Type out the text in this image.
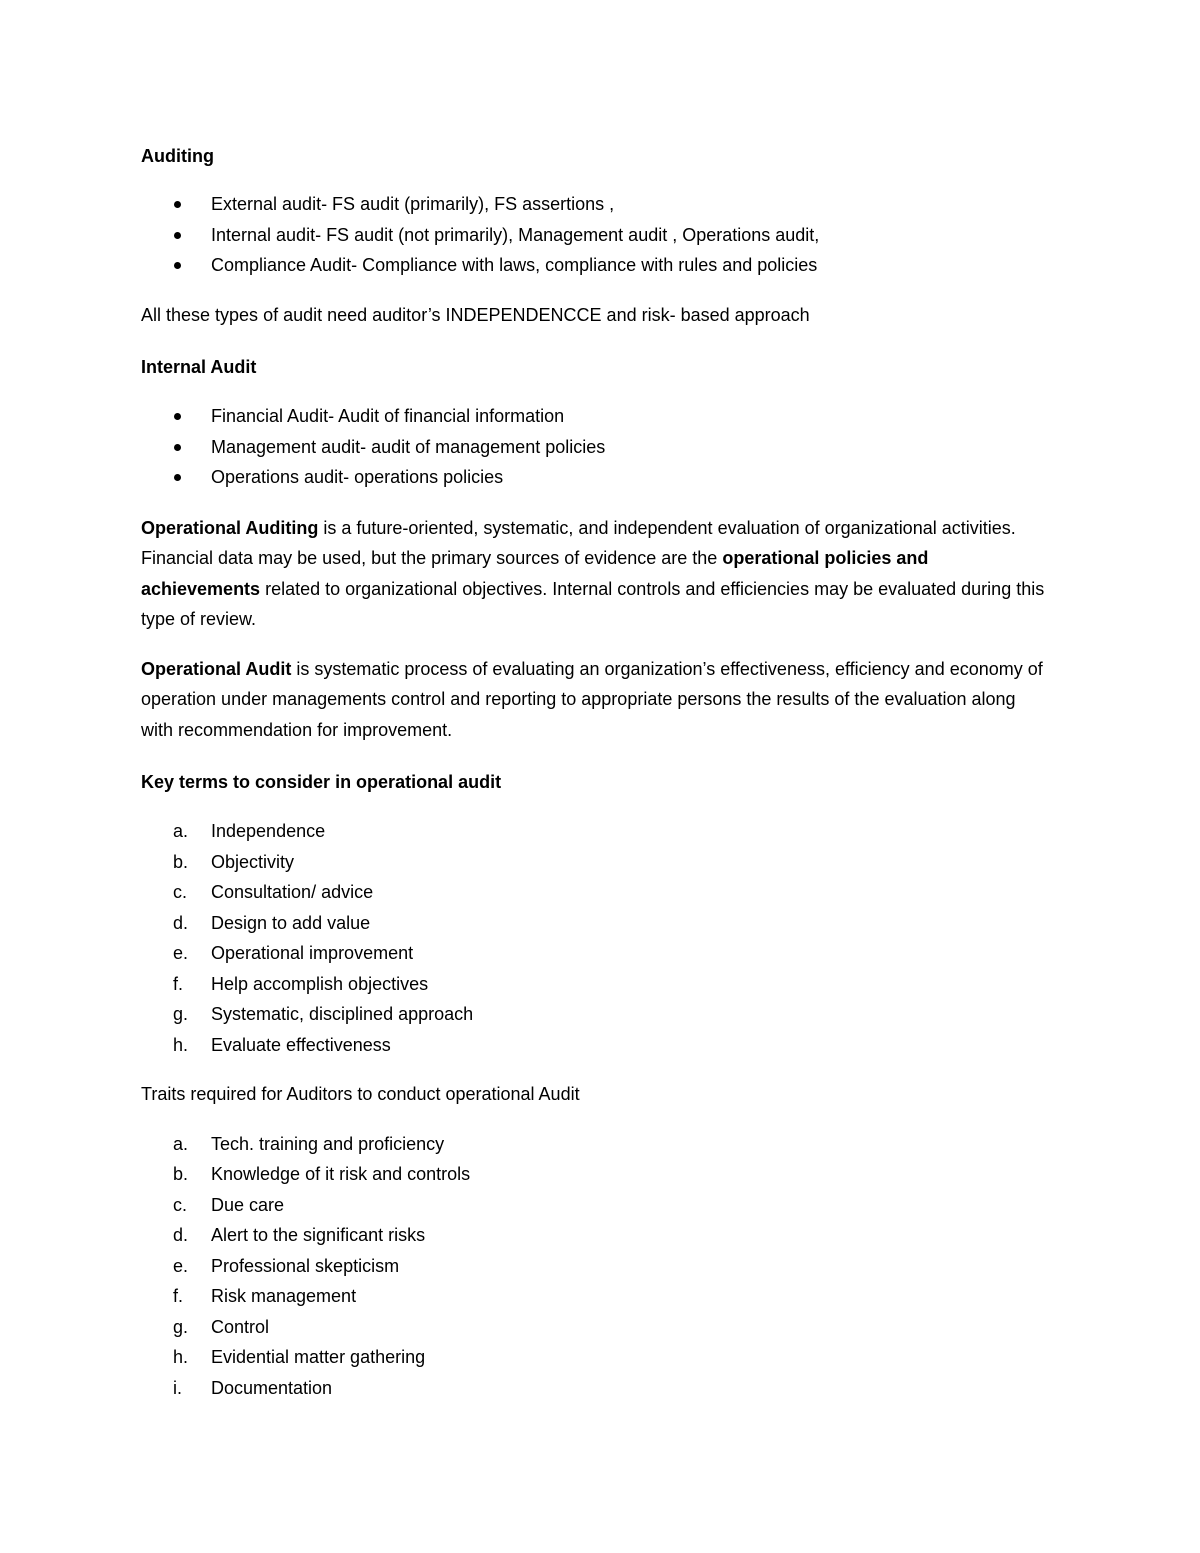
Auditing

External audit- FS audit (primarily), FS assertions ,
Internal audit- FS audit (not primarily), Management audit , Operations audit,
Compliance Audit- Compliance with laws, compliance with rules and policies

All these types of audit need auditor’s INDEPENDENCCE and risk- based approach

Internal Audit

Financial Audit- Audit of financial information
Management audit- audit of management policies
Operations audit- operations policies

Operational Auditing is a future-oriented, systematic, and independent evaluation of organizational activities. Financial data may be used, but the primary sources of evidence are the operational policies and achievements related to organizational objectives. Internal controls and efficiencies may be evaluated during this type of review.

Operational Audit is systematic process of evaluating an organization’s effectiveness, efficiency and economy of operation under managements control and reporting to appropriate persons the results of the evaluation along with recommendation for improvement.

Key terms to consider in operational audit

a. Independence
b. Objectivity
c. Consultation/ advice
d. Design to add value
e. Operational improvement
f. Help accomplish objectives
g. Systematic, disciplined approach
h. Evaluate effectiveness

Traits required for Auditors to conduct operational Audit

a. Tech. training and proficiency
b. Knowledge of it risk and controls
c. Due care
d. Alert to the significant risks
e. Professional skepticism
f. Risk management
g. Control
h. Evidential matter gathering
i. Documentation
